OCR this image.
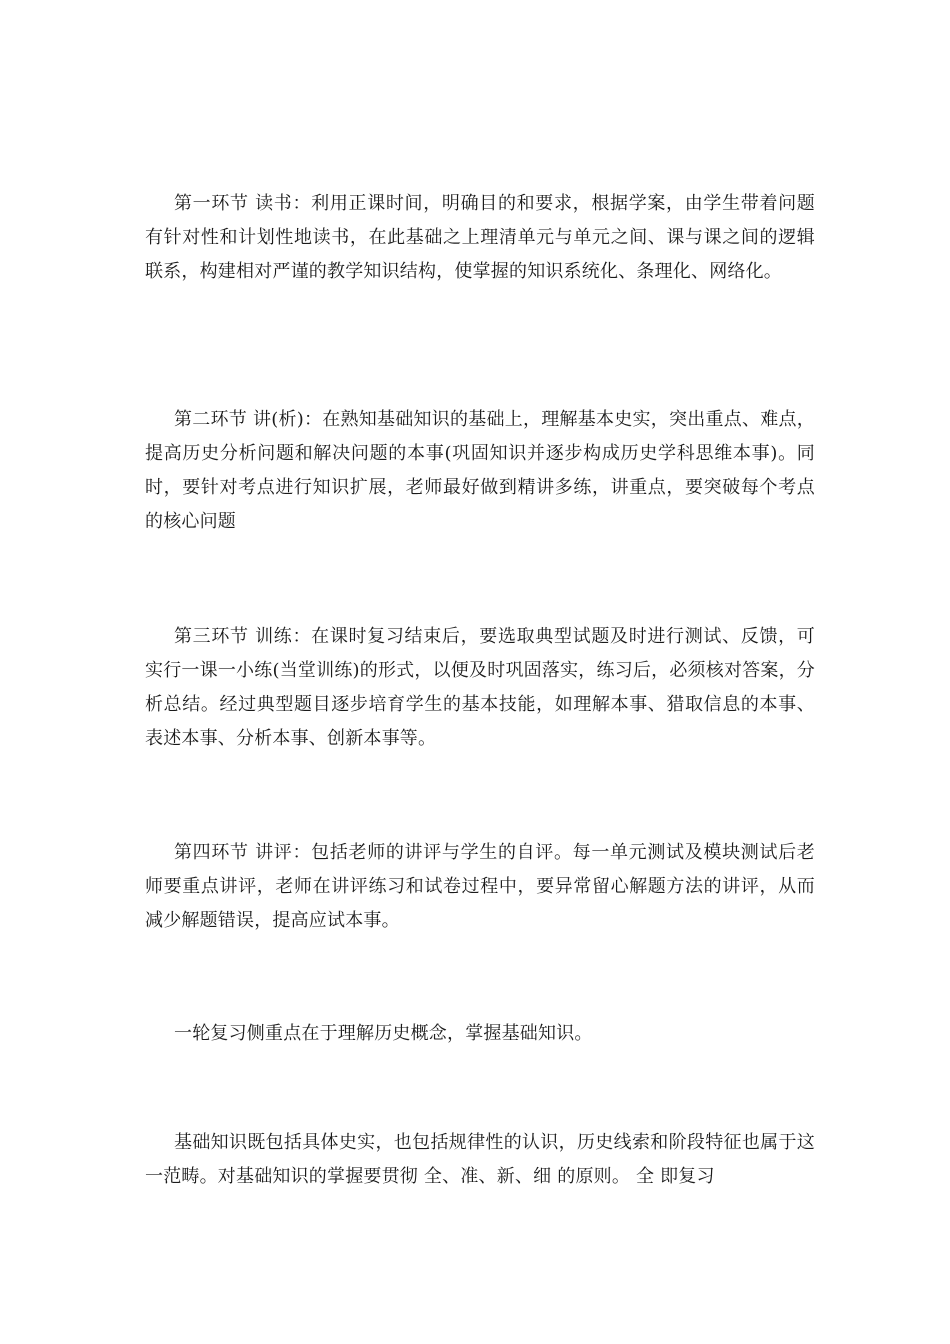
第一环节 读书：利用正课时间，明确目的和要求，根据学案，由学生带着问题有针对性和计划性地读书，在此基础之上理清单元与单元之间、课与课之间的逻辑联系，构建相对严谨的教学知识结构，使掌握的知识系统化、条理化、网络化。

第二环节 讲(析)：在熟知基础知识的基础上，理解基本史实，突出重点、难点，提高历史分析问题和解决问题的本事(巩固知识并逐步构成历史学科思维本事)。同时，要针对考点进行知识扩展，老师最好做到精讲多练，讲重点，要突破每个考点的核心问题

第三环节 训练：在课时复习结束后，要选取典型试题及时进行测试、反馈，可实行一课一小练(当堂训练)的形式，以便及时巩固落实，练习后，必须核对答案，分析总结。经过典型题目逐步培育学生的基本技能，如理解本事、猎取信息的本事、表述本事、分析本事、创新本事等。

第四环节 讲评：包括老师的讲评与学生的自评。每一单元测试及模块测试后老师要重点讲评，老师在讲评练习和试卷过程中，要异常留心解题方法的讲评，从而减少解题错误，提高应试本事。

一轮复习侧重点在于理解历史概念，掌握基础知识。

基础知识既包括具体史实，也包括规律性的认识，历史线索和阶段特征也属于这一范畴。对基础知识的掌握要贯彻 全、准、新、细 的原则。 全 即复习
